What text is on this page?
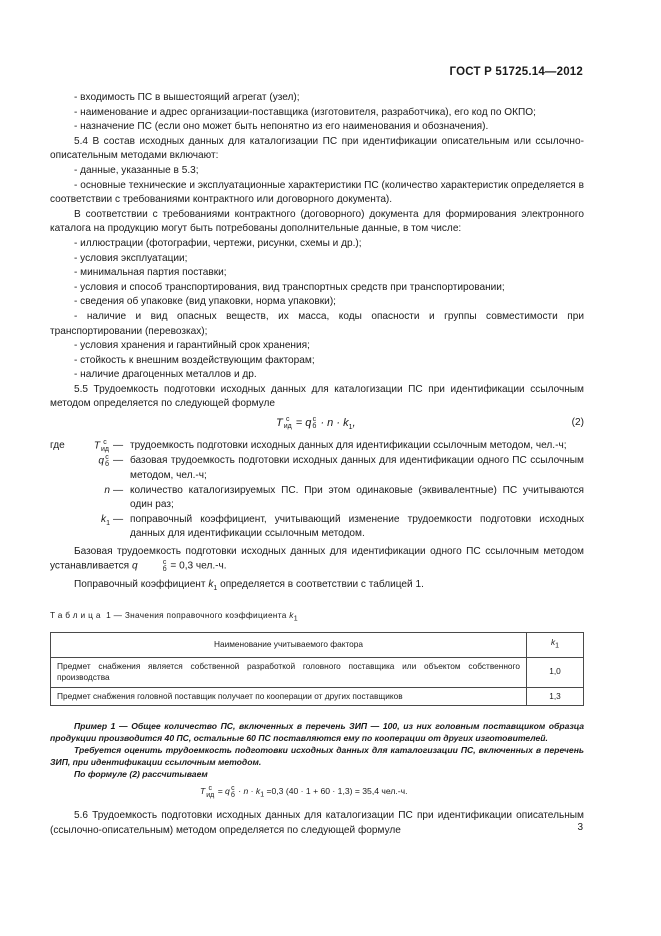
ГОСТ Р 51725.14—2012

- входимость ПС в вышестоящий агрегат (узел);

- наименование и адрес организации-поставщика (изготовителя, разработчика), его код по ОКПО;

- назначение ПС (если оно может быть непонятно из его наименования и обозначения).

5.4 В состав исходных данных для каталогизации ПС при идентификации описательным или ссылочно-описательным методами включают:

- данные, указанные в 5.3;

- основные технические и эксплуатационные характеристики ПС (количество характеристик определяется в соответствии с требованиями контрактного или договорного документа).

В соответствии с требованиями контрактного (договорного) документа для формирования электронного каталога на продукцию могут быть потребованы дополнительные данные, в том числе:

- иллюстрации (фотографии, чертежи, рисунки, схемы и др.);

- условия эксплуатации;

- минимальная партия поставки;

- условия и способ транспортирования, вид транспортных средств при транспортировании;

- сведения об упаковке (вид упаковки, норма упаковки);

- наличие и вид опасных веществ, их масса, коды опасности и группы совместимости при транспортировании (перевозках);

- условия хранения и гарантийный срок хранения;

- стойкость к внешним воздействующим факторам;

- наличие драгоценных металлов и др.

5.5 Трудоемкость подготовки исходных данных для каталогизации ПС при идентификации ссылочным методом определяется по следующей формуле

T c
ид = q c
$б \cdot n \cdot k_1$,	(2)
где	T c
ид — трудоемкость подготовки исходных данных для идентификации ссылочным методом, чел.-ч;
q c
б — базовая трудоемкость подготовки исходных данных для идентификации одного ПС ссылочным методом, чел.-ч;
n — количество каталогизируемых ПС. При этом одинаковые (эквивалентные) ПС учитываются один раз;
$k_1$ — поправочный коэффициент, учитывающий изменение трудоемкости подготовки исходных данных для идентификации ссылочным методом.

Базовая трудоемкость подготовки исходных данных для идентификации одного ПС ссылочным методом устанавливается q	c
б = 0,3 чел.-ч.

Поправочный коэффициент $k_1$ определяется в соответствии с таблицей 1.

Таблица 1 — Значения поправочного коэффициента $k_1$
Наименование учитываемого фактора	$k_1$
Предмет снабжения является собственной разработкой головного поставщика или объектом собственного производства	1,0
Предмет снабжения головной поставщик получает по кооперации от других поставщиков	1,3

Пример 1 — Общее количество ПС, включенных в перечень ЗИП — 100, из них головным поставщиком образца продукции производится 40 ПС, остальные 60 ПС поставляются ему по кооперации от других изготовителей.

Требуется оценить трудоемкость подготовки исходных данных для каталогизации ПС, включенных в перечень ЗИП, при идентификации ссылочным методом.

По формуле (2) рассчитываем

T c
ид = q c
$б \cdot n \cdot k_1 =0,3$ (40 · 1 + 60 · 1,3) = 35,4 чел.-ч.

5.6 Трудоемкость подготовки исходных данных для каталогизации ПС при идентификации описательным (ссылочно-описательным) методом определяется по следующей формуле	3
